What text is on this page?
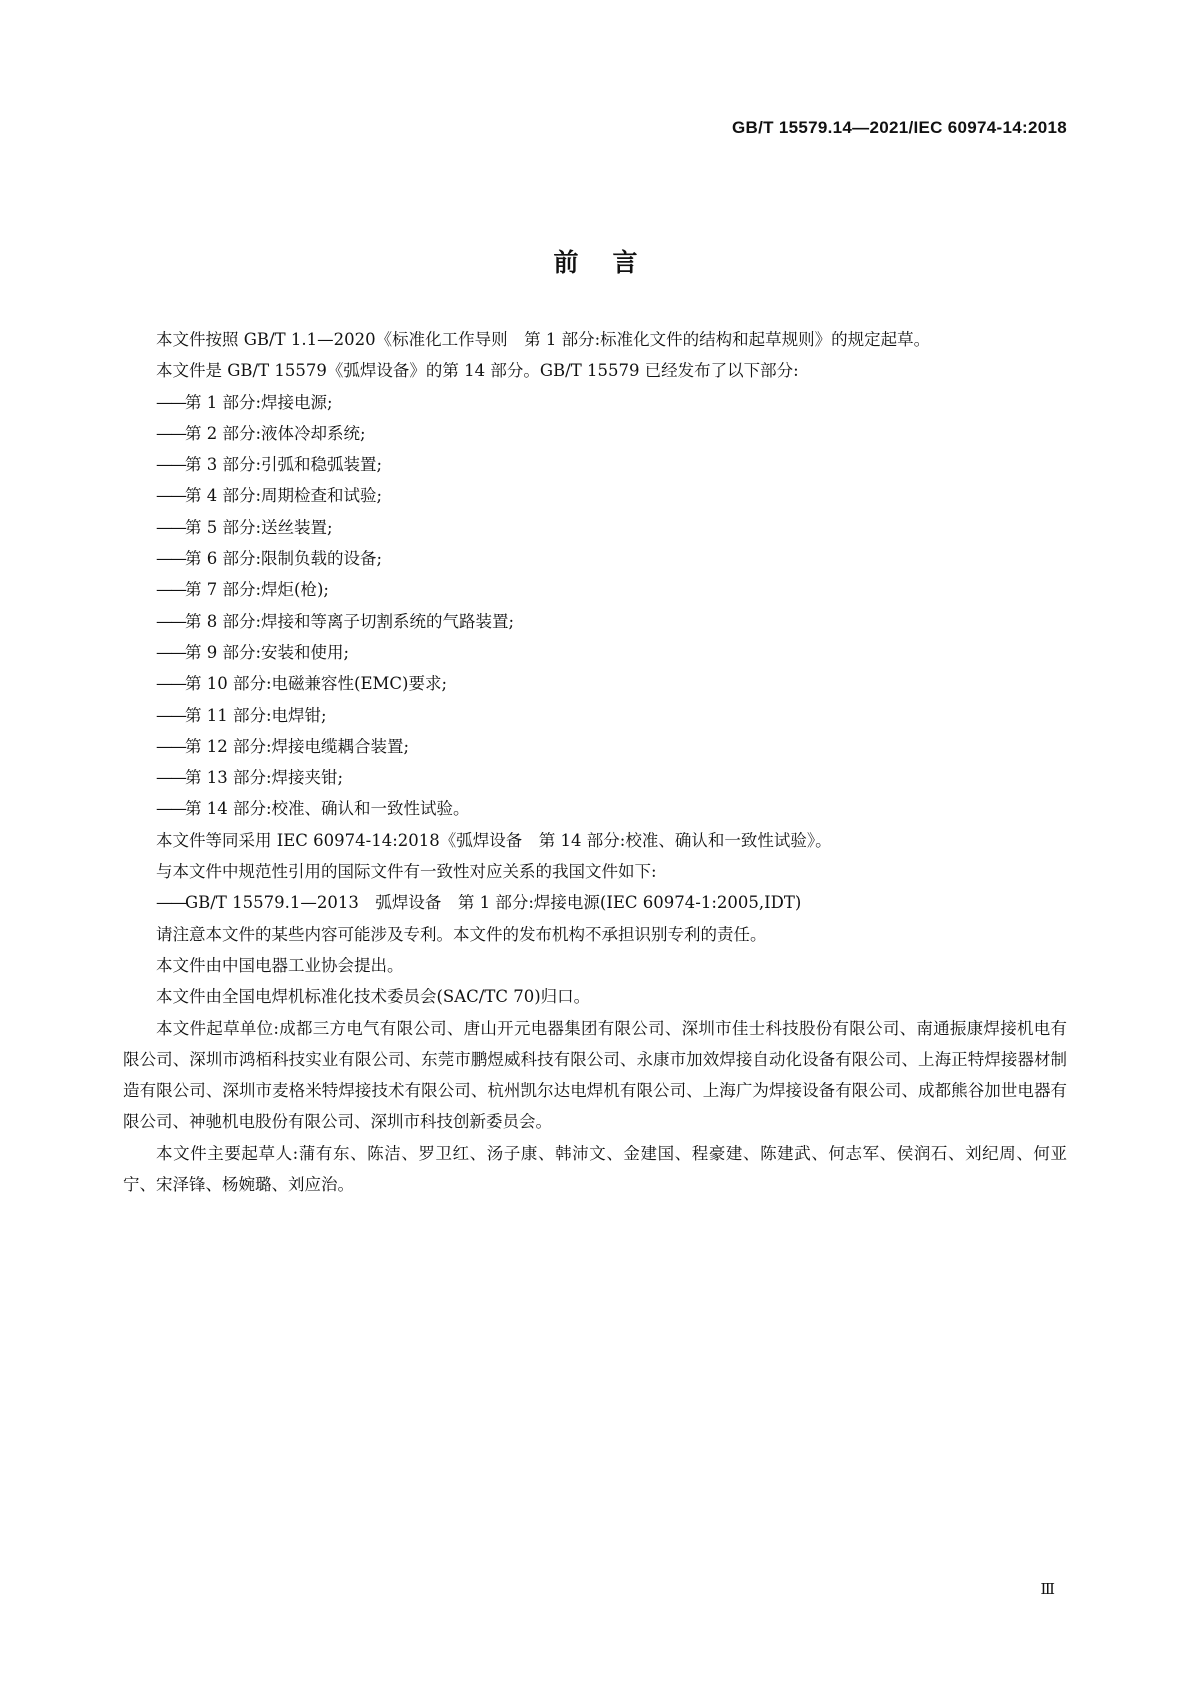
GB/T 15579.14—2021/IEC 60974-14:2018
前言

本文件按照 GB/T 1.1—2020《标准化工作导则　第 1 部分:标准化文件的结构和起草规则》的规定起草。

本文件是 GB/T 15579《弧焊设备》的第 14 部分。GB/T 15579 已经发布了以下部分:

——第 1 部分:焊接电源;
——第 2 部分:液体冷却系统;
——第 3 部分:引弧和稳弧装置;
——第 4 部分:周期检查和试验;
——第 5 部分:送丝装置;
——第 6 部分:限制负载的设备;
——第 7 部分:焊炬(枪);
——第 8 部分:焊接和等离子切割系统的气路装置;
——第 9 部分:安装和使用;
——第 10 部分:电磁兼容性(EMC)要求;
——第 11 部分:电焊钳;
——第 12 部分:焊接电缆耦合装置;
——第 13 部分:焊接夹钳;
——第 14 部分:校准、确认和一致性试验。

本文件等同采用 IEC 60974-14:2018《弧焊设备　第 14 部分:校准、确认和一致性试验》。

与本文件中规范性引用的国际文件有一致性对应关系的我国文件如下:

——GB/T 15579.1—2013　弧焊设备　第 1 部分:焊接电源(IEC 60974-1:2005,IDT)

请注意本文件的某些内容可能涉及专利。本文件的发布机构不承担识别专利的责任。

本文件由中国电器工业协会提出。

本文件由全国电焊机标准化技术委员会(SAC/TC 70)归口。

本文件起草单位:成都三方电气有限公司、唐山开元电器集团有限公司、深圳市佳士科技股份有限公司、南通振康焊接机电有限公司、深圳市鸿栢科技实业有限公司、东莞市鹏煜威科技有限公司、永康市加效焊接自动化设备有限公司、上海正特焊接器材制造有限公司、深圳市麦格米特焊接技术有限公司、杭州凯尔达电焊机有限公司、上海广为焊接设备有限公司、成都熊谷加世电器有限公司、神驰机电股份有限公司、深圳市科技创新委员会。

本文件主要起草人:蒲有东、陈洁、罗卫红、汤子康、韩沛文、金建国、程豪建、陈建武、何志军、侯润石、刘纪周、何亚宁、宋泽锋、杨婉璐、刘应治。

Ⅲ
